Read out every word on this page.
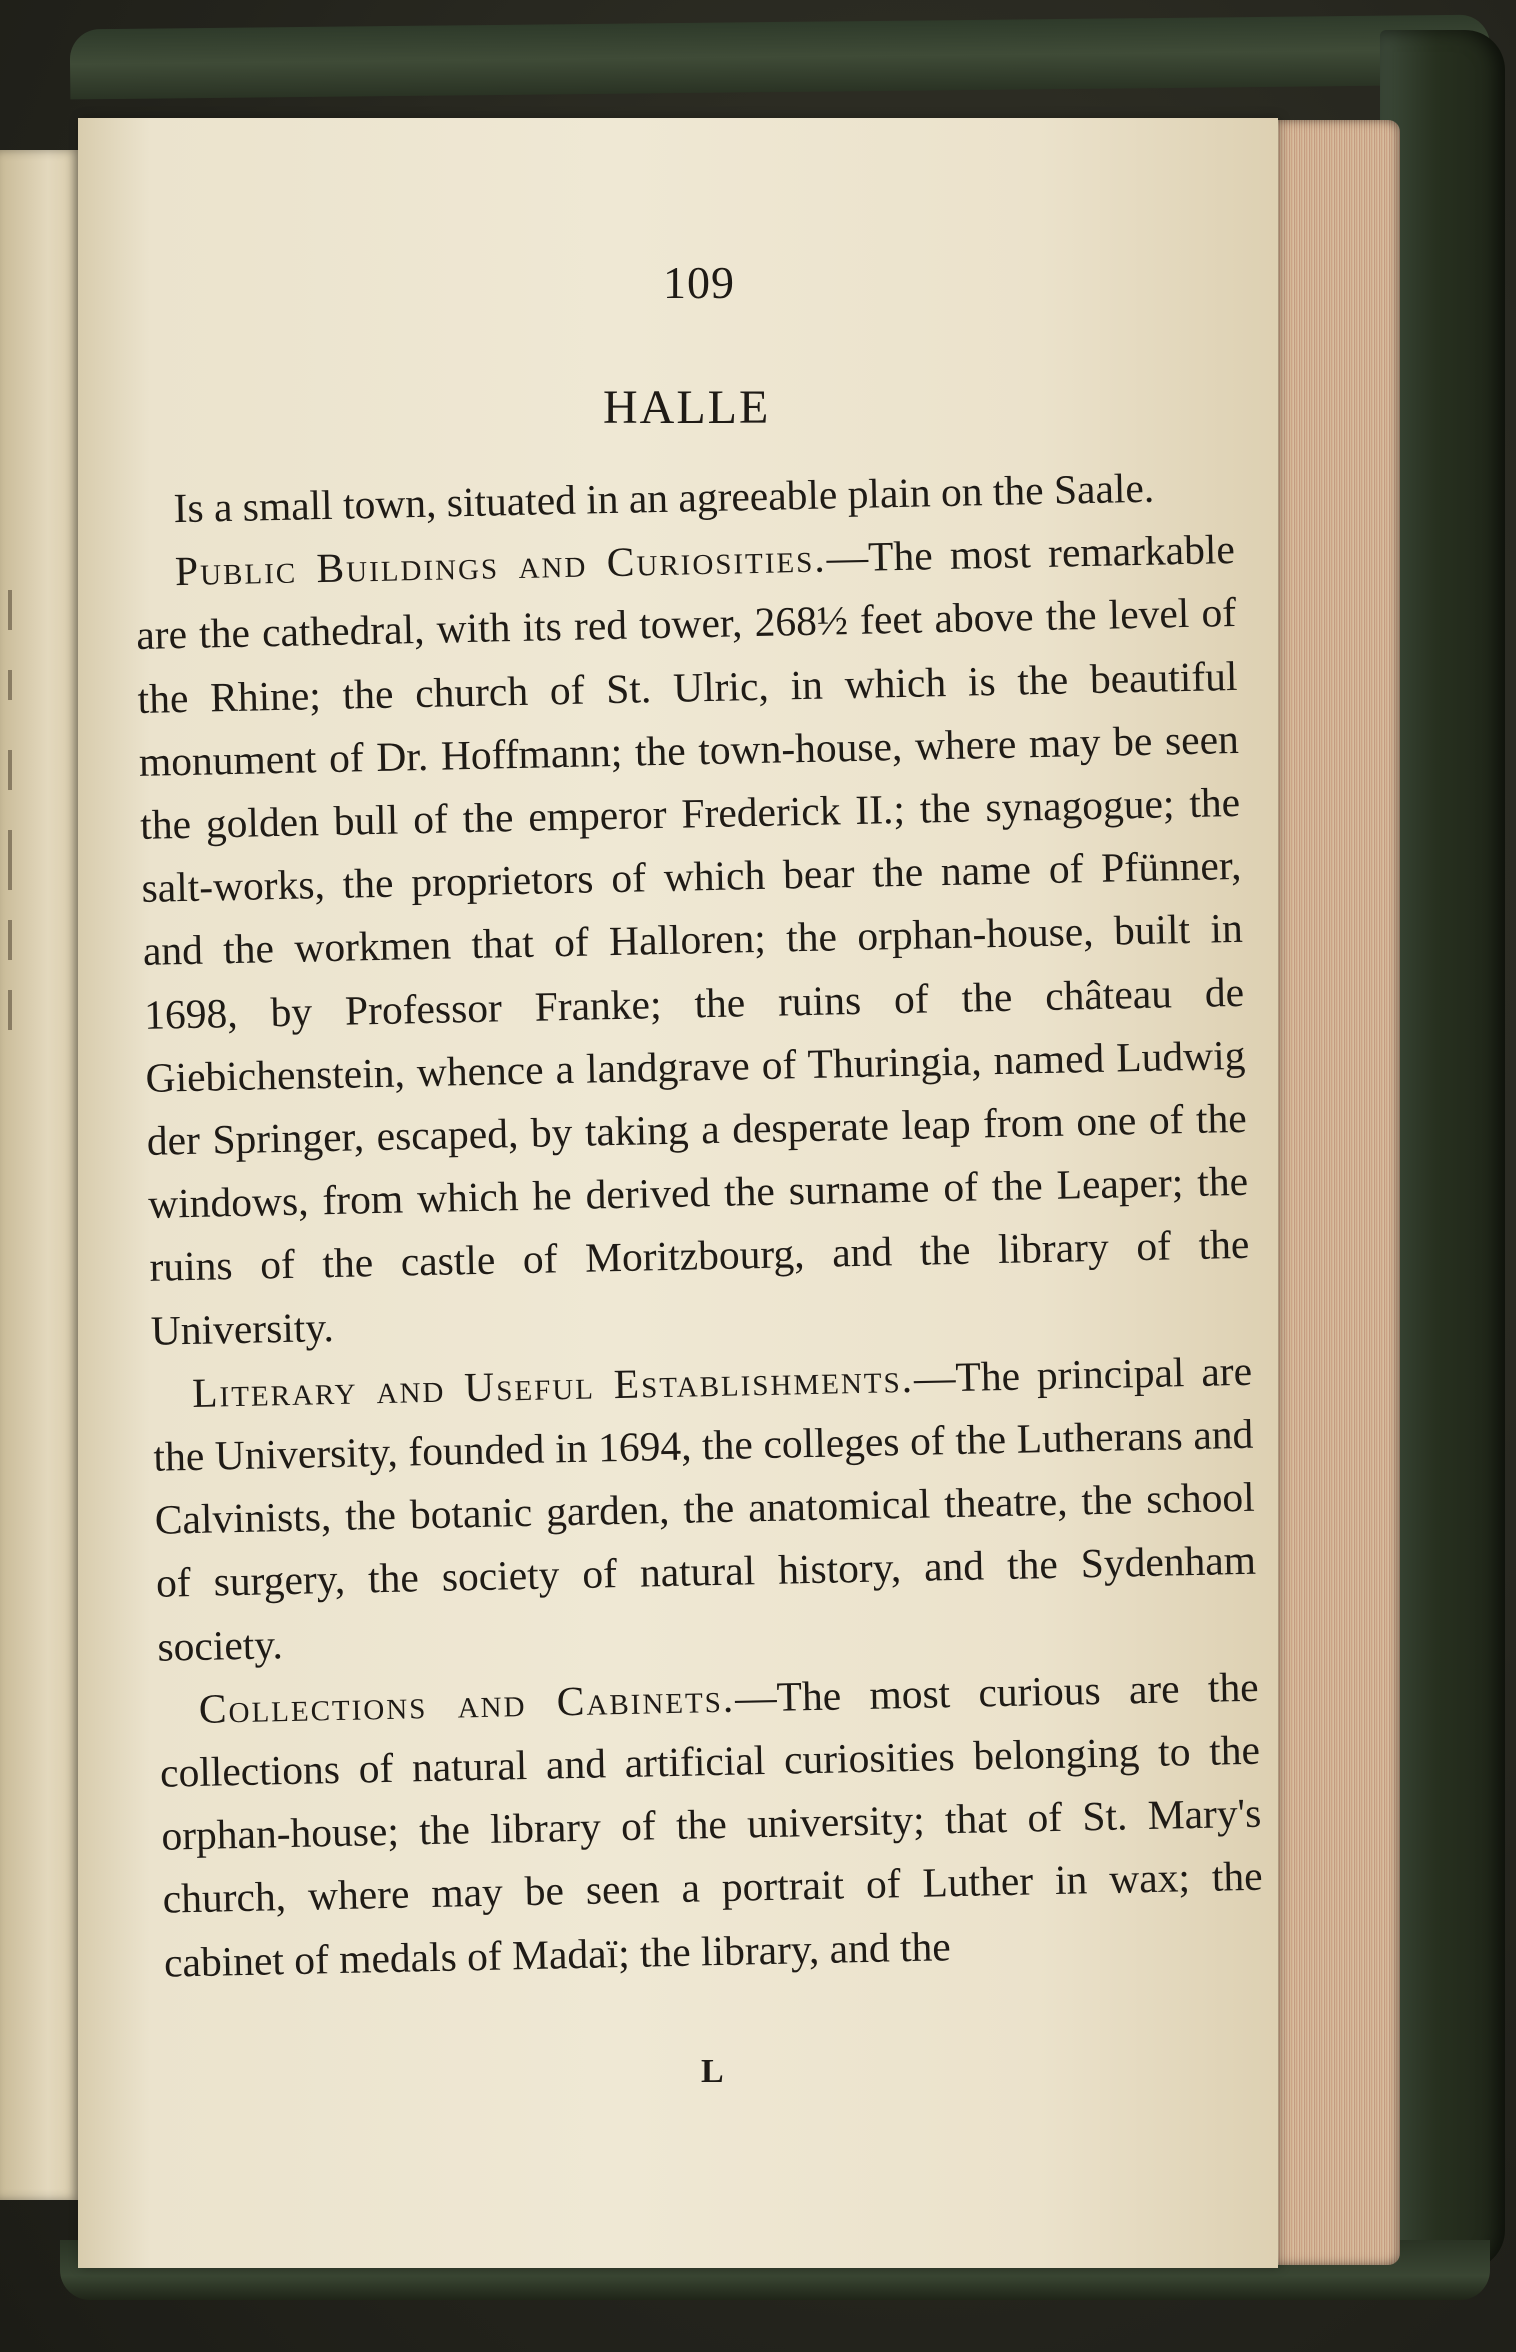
109
HALLE

Is a small town, situated in an agreeable plain on the Saale.

Public Buildings and Curiosities.—The most remarkable are the cathedral, with its red tower, 268½ feet above the level of the Rhine; the church of St. Ulric, in which is the beautiful monument of Dr. Hoffmann; the town-house, where may be seen the golden bull of the emperor Frederick II.; the synagogue; the salt-works, the proprietors of which bear the name of Pfünner, and the workmen that of Halloren; the orphan-house, built in 1698, by Professor Franke; the ruins of the château de Giebichenstein, whence a landgrave of Thuringia, named Ludwig der Springer, escaped, by taking a desperate leap from one of the windows, from which he derived the surname of the Leaper; the ruins of the castle of Moritzbourg, and the library of the University.

Literary and Useful Establishments.—The principal are the University, founded in 1694, the colleges of the Lutherans and Calvinists, the botanic garden, the anatomical theatre, the school of surgery, the society of natural history, and the Sydenham society.

Collections and Cabinets.—The most curious are the collections of natural and artificial curiosities belonging to the orphan-house; the library of the university; that of St. Mary's church, where may be seen a portrait of Luther in wax; the cabinet of medals of Madaï; the library, and the

L
